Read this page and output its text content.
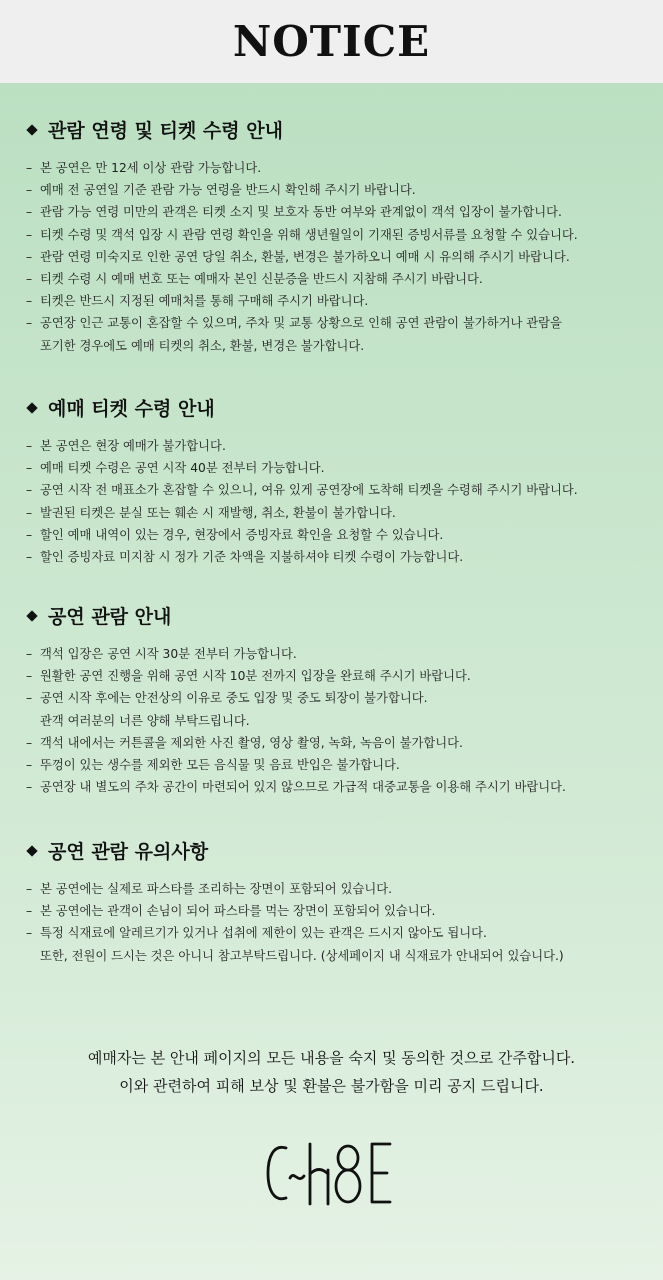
NOTICE
관람 연령 및 티켓 수령 안내
– 본 공연은 만 12세 이상 관람 가능합니다.
– 예매 전 공연일 기준 관람 가능 연령을 반드시 확인해 주시기 바랍니다.
– 관람 가능 연령 미만의 관객은 티켓 소지 및 보호자 동반 여부와 관계없이 객석 입장이 불가합니다.
– 티켓 수령 및 객석 입장 시 관람 연령 확인을 위해 생년월일이 기재된 증빙서류를 요청할 수 있습니다.
– 관람 연령 미숙지로 인한 공연 당일 취소, 환불, 변경은 불가하오니 예매 시 유의해 주시기 바랍니다.
– 티켓 수령 시 예매 번호 또는 예매자 본인 신분증을 반드시 지참해 주시기 바랍니다.
– 티켓은 반드시 지정된 예매처를 통해 구매해 주시기 바랍니다.
– 공연장 인근 교통이 혼잡할 수 있으며, 주차 및 교통 상황으로 인해 공연 관람이 불가하거나 관람을
포기한 경우에도 예매 티켓의 취소, 환불, 변경은 불가합니다.
예매 티켓 수령 안내
– 본 공연은 현장 예매가 불가합니다.
– 예매 티켓 수령은 공연 시작 40분 전부터 가능합니다.
– 공연 시작 전 매표소가 혼잡할 수 있으니, 여유 있게 공연장에 도착해 티켓을 수령해 주시기 바랍니다.
– 발권된 티켓은 분실 또는 훼손 시 재발행, 취소, 환불이 불가합니다.
– 할인 예매 내역이 있는 경우, 현장에서 증빙자료 확인을 요청할 수 있습니다.
– 할인 증빙자료 미지참 시 정가 기준 차액을 지불하셔야 티켓 수령이 가능합니다.
공연 관람 안내
– 객석 입장은 공연 시작 30분 전부터 가능합니다.
– 원활한 공연 진행을 위해 공연 시작 10분 전까지 입장을 완료해 주시기 바랍니다.
– 공연 시작 후에는 안전상의 이유로 중도 입장 및 중도 퇴장이 불가합니다.
관객 여러분의 너른 양해 부탁드립니다.
– 객석 내에서는 커튼콜을 제외한 사진 촬영, 영상 촬영, 녹화, 녹음이 불가합니다.
– 뚜껑이 있는 생수를 제외한 모든 음식물 및 음료 반입은 불가합니다.
– 공연장 내 별도의 주차 공간이 마련되어 있지 않으므로 가급적 대중교통을 이용해 주시기 바랍니다.
공연 관람 유의사항
– 본 공연에는 실제로 파스타를 조리하는 장면이 포함되어 있습니다.
– 본 공연에는 관객이 손님이 되어 파스타를 먹는 장면이 포함되어 있습니다.
– 특정 식재료에 알레르기가 있거나 섭취에 제한이 있는 관객은 드시지 않아도 됩니다.
또한, 전원이 드시는 것은 아니니 참고부탁드립니다. (상세페이지 내 식재료가 안내되어 있습니다.)
예매자는 본 안내 페이지의 모든 내용을 숙지 및 동의한 것으로 간주합니다.
이와 관련하여 피해 보상 및 환불은 불가함을 미리 공지 드립니다.
